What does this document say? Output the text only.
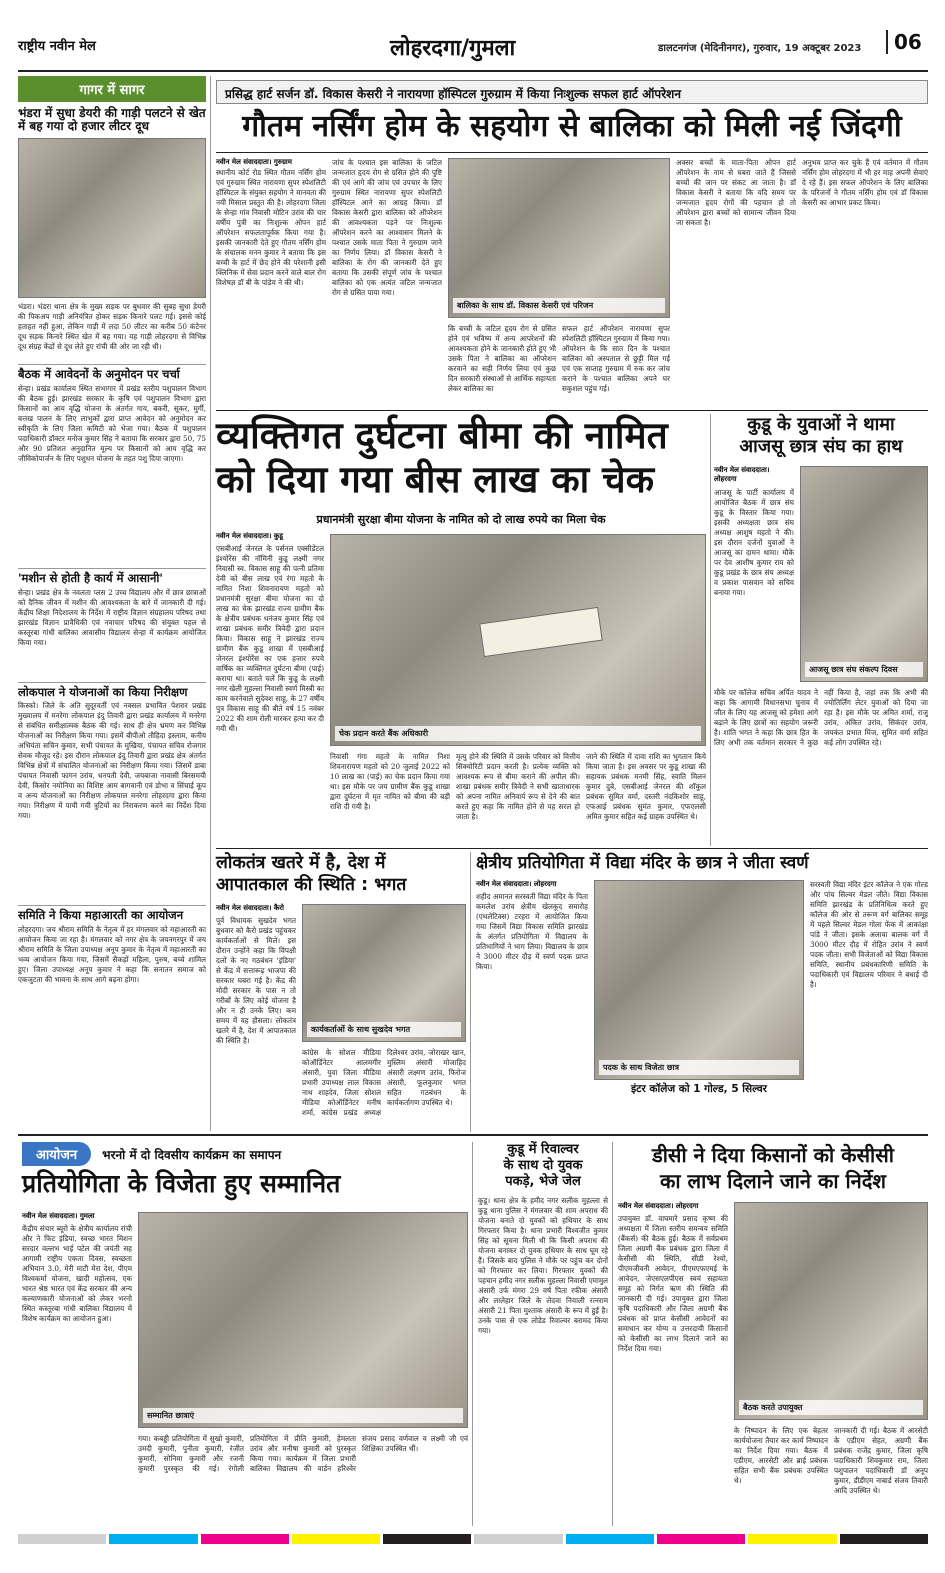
राष्ट्रीय नवीन मेल	लोहरदगा/गुमला	डालटनगंज (मेदिनीनगर), गुरुवार, 19 अक्टूबर 2023	06
गागर में सागर
भंडरा में सुधा डेयरी की गाड़ी पलटने से खेत में बह गया दो हजार लीटर दूध
भंडरा। भंडरा थाना क्षेत्र के मुख्य सड़क पर बुधवार की सुबह सुधा डेयरी की पिकअप गाड़ी अनियंत्रित होकर सड़क किनारे पलट गई। इससे कोई हताहत नहीं हुआ, लेकिन गाड़ी में लदा 50 लीटर का करीब 50 कंटेनर दूध सड़क किनारे स्थित खेत में बह गया। यह गाड़ी लोहरदगा से विभिन्न दूध संग्रह केंद्रों से दूध लेते हुए रांची की ओर जा रही थी।
बैठक में आवेदनों के अनुमोदन पर चर्चा
सेन्हा। प्रखंड कार्यालय स्थित सभागार में प्रखंड स्तरीय पशुपालन विभाग की बैठक हुई। झारखंड सरकार के कृषि एवं पशुपालन विभाग द्वारा किसानों का आय वृद्धि योजना के अंतर्गत गाय, बकरी, सूकर, मुर्गी, बत्तख पालन के लिए लाभुकों द्वारा प्राप्त आवेदन को अनुमोदन कर स्वीकृति के लिए जिला कमिटी को भेजा गया। बैठक में पशुपालन पदाधिकारी डॉक्टर मनोज कुमार सिंह ने बताया कि सरकार द्वारा 50, 75 और 90 प्रतिशत अनुदानित मूल्य पर किसानों को आय वृद्धि कर जीविकोपार्जन के लिए पशुधन योजना के तहत पशु दिया जाएगा।
'मशीन से होती है कार्य में आसानी'
सेन्हा। प्रखंड क्षेत्र के नवलता प्लस 2 उच्च विद्यालय और में छात्र छात्राओं को दैनिक जीवन में मशीन की आवश्यकता के बारे में जानकारी दी गई। केंद्रीय शिक्षा निदेशालय के निर्देश में राष्ट्रीय विज्ञान संग्रहालय परिषद तथा झारखंड विज्ञान प्रावैधिकी एवं नवाचार परिषद की संयुक्त पहल से कस्तूरबा गांधी बालिका आवासीय विद्यालय सेन्हा में कार्यक्रम आयोजित किया गया।
लोकपाल ने योजनाओं का किया निरीक्षण
किस्को। जिले के अति सुदूरवर्ती एवं नक्सल प्रभावित पेशरार प्रखंड मुख्यालय में मनरेगा लोकपाल इंदु तिवारी द्वारा प्रखंड कार्यालय में मनरेगा से संबंधित समीक्षात्मक बैठक की गई। साथ ही क्षेत्र भ्रमण कर विभिन्न योजनाओं का निरीक्षण किया गया। इसमें बीपीओ तौहिदा इस्लाम, कनीय अभियंता सचिन कुमार, सभी पंचायत के मुखिया, पंचायत सचिव रोजगार सेवक मौजूद रहे। इस दौरान लोकपाल इंदु तिवारी द्वारा प्रखंड क्षेत्र अंतर्गत विभिन्न क्षेत्रों में संचालित योजनाओं का निरीक्षण किया गया। जिसमें डाबा पंचायत निवासी फागन उरांव, धनपती देवी, जयबाजा नावासी बिरसमयी देवी, किसोर नमोनिया का विशिष्ट आम बागवानी एवं डोभा व सिंचाई कूप व अन्य योजनाओं का निरीक्षण लोकपाल मनरेगा लोहरदगा द्वारा किया गया। निरीक्षण में पायी गयी त्रुटियों का निराकरण करने का निर्देश दिया गया।
समिति ने किया महाआरती का आयोजन
लोहरदगा। जय श्रीराम समिति के नेतृत्व में हर मंगलवार को महाआरती का आयोजन किया जा रहा है। मंगलवार को नगर क्षेत्र के जयनगरपुर में जय श्रीराम समिति के जिला उपाध्यक्ष अनूप कुमार के नेतृत्व में महाआरती का भव्य आयोजन किया गया, जिसमें सैकड़ों महिला, पुरुष, बच्चे शामिल हुए। जिला उपाध्यक्ष अनूप कुमार ने कहा कि सनातन समाज को एकजुटता की भावना के साथ आगे बढ़ना होगा।
प्रसिद्ध हार्ट सर्जन डॉ. विकास केसरी ने नारायणा हॉस्पिटल गुरुग्राम में किया निःशुल्क सफल हार्ट ऑपरेशन
गौतम नर्सिंग होम के सहयोग से बालिका को मिली नई जिंदगी
नवीन मेल संवाददाता। गुरुग्राम
स्थानीय कोर्ट रोड स्थित गौतम नर्सिंग होम एवं गुरुग्राम स्थित नारायणा सुपर स्पेशलिटी हॉस्पिटल के संयुक्त सहयोग ने मानवता की नयी मिसाल प्रस्तुत की है। लोहरदगा जिला के सेन्हा गांव निवासी मोटिन उरांव की चार वर्षीय पुत्री का निःशुल्क ओपन हार्ट ऑपरेशन सफलतापूर्वक किया गया है। इसकी जानकारी देते हुए गौतम नर्सिंग होम के संचालक मनन कुमार ने बताया कि इस बच्ची के हार्ट में छेद होने की परेशानी इसी क्लिनिक में सेवा प्रदान करने वाले बाल रोग विशेषज्ञ डॉ बी के पांडेय ने की थी।
जांच के पश्चात इस बालिका के जटिल जन्मजात हृदय रोग से ग्रसित होने की पुष्टि की एवं आगे की जांच एवं उपचार के लिए गुरुग्राम स्थित नारायणा सुपर स्पेशलिटी हॉस्पिटल आने का आग्रह किया। डॉ विकास केसरी द्वारा बालिका को ऑपरेशन की आवश्यकता पड़ने पर निःशुल्क ऑपरेशन करने का आश्वासन मिलने के पश्चात उसके माता पिता ने गुरुग्राम जाने का निर्णय लिया। डॉ विकास केसरी ने बालिका के रोग की जानकारी देते हुए बताया कि उसकी संपूर्ण जांच के पश्चात बालिका को एक अत्यंत जटिल जन्मजात रोग से ग्रसित पाया गया।
बालिका के साथ डॉ. विकास केसरी एवं परिजन
कि बच्ची के जटिल हृदय रोग से ग्रसित होने एवं भविष्य में अन्य आपरेशनों की आवश्यकता होने के जानकारी होते हुए भी उसके पिता ने बालिका का ऑपरेशन करवाने का सही निर्णय लिया एवं कुछ दिन सरकारी संस्थाओं से आर्थिक सहायता लेकर बालिका का
सफल हार्ट ऑपरेशन नारायणा सुपर स्पेशलिटी हॉस्पिटल गुरुग्राम में किया गया। ऑपरेशन के कि सात दिन के पश्चात बालिका को अस्पताल से छुट्टी मिल गई एवं एक सप्ताह गुरुग्राम में रुक कर जांच कराने के पश्चात बालिका अपने घर सकुशल पहुंच गई।
अक्सर बच्चों के माता-पिता ओपन हार्ट ऑपरेशन के नाम से घबरा जाते हैं जिससे बच्चों की जान पर संकट आ जाता है। डॉ विकास केसरी ने बताया कि यदि समय पर जन्मजात हृदय रोगों की पहचान हो तो ऑपरेशन द्वारा बच्चों को सामान्य जीवन दिया जा सकता है।
अनुभव प्राप्त कर चुके हैं एवं वर्तमान में गौतम नर्सिंग होम लोहरदगा में भी हर माह अपनी सेवाएं दे रहे हैं। इस सफल ऑपरेशन के लिए बालिका के परिजनों ने गौतम नर्सिंग होम एवं डॉ विकास केसरी का आभार प्रकट किया।
व्यक्तिगत दुर्घटना बीमा की नामित
को दिया गया बीस लाख का चेक
प्रधानमंत्री सुरक्षा बीमा योजना के नामित को दो लाख रुपये का मिला चेक
नवीन मेल संवाददाता। कुडू
एसबीआई जेनरल के पर्सनल एक्सीडेंटल इंश्योरेंस की नॉमिनी कुडू लक्ष्मी नगर निवासी स्व. विकास साहू की पत्नी प्रतिमा देवी को बीस लाख एवं रंगा महतो के नामित निशा शिवनारायण महतो को प्रधानमंत्री सुरक्षा बीमा योजना का दो लाख का चेक झारखंड राज्य ग्रामीण बैंक के क्षेत्रीय प्रबंधक धनंजय कुमार सिंह एवं शाखा प्रबंधक समीर त्रिवेदी द्वारा प्रदान किया। विकास साहू ने झारखंड राज्य ग्रामीण बैंक कुडू शाखा में एसबीआई जेनरल इंश्योरेंस का एक हजार रुपये वार्षिक का व्यक्तिगत दुर्घटना बीमा (पाई) कराया था। बताते चलें कि कुडू के लक्ष्मी नगर खेली मुहल्ला निवासी स्वर्ण मिस्त्री का काम करनेवाले सुदेवश साहू, के 27 वर्षीय पुत्र विकास साहू की बीते वर्ष 15 नवंबर 2022 की शाम रोली मारकर हत्या कर दी गयी थी।
चेक प्रदान करते बैंक अधिकारी
निवासी गंगा महतो के नामित निशा शिवनारायण महतो को 20 जुलाई 2022 को 10 लाख का (पाई) का चेक प्रदान किया गया था। इस मौके पर जय ग्रामीण बैंक कुडू शाखा द्वारा दुर्घटना में मृत नामित को बीमा की बड़ी राशि दी गयी है।
मृत्यु होने की स्थिति में उसके परिवार को वित्तीय सिक्योरिटी प्रदान करती है। प्रत्येक व्यक्ति को आवश्यक रूप से बीमा कराने की अपील की। शाखा प्रबंधक समीर त्रिवेदी ने सभी खाताधारक को अपना नामित अनिवार्य रूप से देने की बात करते हुए कहा कि नामित होने से यह सरल हो जाता है।
जाने की स्थिति में दावा राशि का भुगतान किये किया जाता है। इस अवसर पर कुडू शाखा की सहायक प्रबंधक मनमी सिंह, स्वाति मिलन कुमार दुबे, एसबीआई जेनरल की शॉकुल प्रबंधक सुमित वर्मा, दस्तरी नंदकिशोर साहू, एफआई प्रबंधक सुमंत कुमार, एफएलसी अमित कुमार सहित कई ग्राहक उपस्थित थे।
कुडू के युवाओं ने थामा
आजसू छात्र संघ का हाथ
नवीन मेल संवाददाता। लोहरदगा
आजसू के पार्टी कार्यालय में आयोजित बैठक में छात्र संघ कुडू के विस्तार किया गया। इसकी अध्यक्षता छात्र संघ अध्यक्ष आशुष महतो ने की। इस दौरान दर्जनों युवाओं ने आजसू का दामन थामा। मौके पर देव आशीष कुमार राय को कुडू प्रखंड के छात्र संघ अध्यक्ष व प्रकाश पासवान को सचिव बनाया गया।
आजसू छात्र संघ संकल्प दिवस
मौके पर कॉलेज सचिव अर्पित यादव ने कहा कि आगामी विधानसभा चुनाव में जीत के लिए यह आजसू को हमेशा आगे बढ़ाने के लिए छात्रों का सहयोग जरूरी है। शांति भगत ने कहा कि छात्र हित के लिए अभी तक वर्तमान सरकार ने कुछ नहीं किया है, जहां तक कि अभी की ज्योतिर्लिंग लेटर युवाओं को दिया जा रहा है। इस मौके पर अमित शर्मा, राजु उरांव, अंकित उरांव, सिकंदर उरांव, जयकंत प्रभात मिंज, सुमित वर्मा सहित कई लोग उपस्थित रहे।
लोकतंत्र खतरे में है, देश में
आपातकाल की स्थिति : भगत
नवीन मेल संवाददाता। कैरो
पूर्व विधायक सुखदेव भगत बुधवार को कैरो प्रखंड पहुंचकर कार्यकर्ताओं से मिले। इस दौरान उन्होंने कहा कि विपक्षी दलों के नए गठबंधन 'इंडिया' से केंद्र में सत्तारूढ़ भाजपा की सरकार घबरा गई है। केंद्र की मोदी सरकार के पास न तो गरीबों के लिए कोई योजना है और न ही उनके लिए। कम समय में वह हौसला। लोकतंत्र खतरे में है, देश में आपातकाल की स्थिति है।
कार्यकर्ताओं के साथ सुखदेव भगत
कांग्रेस के सोशल मीडिया कोऑर्डिनेटर आलमगीर अंसारी, युवा जिला मीडिया प्रभारी उपाध्यक्ष लाल विकास नाथ शाहदेव, जिला सोशल मीडिया कोऑर्डिनेटर मनीष शर्मा, कांग्रेस प्रखंड अध्यक्ष दिलेश्वर उरांव, जोराखर खान, मुस्लिम अंसारी मोजाहिद अंसारी लक्ष्मण उरांव, फिरोज अंसारी, फूलकुमार भगत सहित गठबंधन के कार्यकर्तागण उपस्थित थे।
क्षेत्रीय प्रतियोगिता में विद्या मंदिर के छात्र ने जीता स्वर्ण
नवीन मेल संवाददाता। लोहरदगा
शहीद अमानत सरस्वती विद्या मंदिर के पिता कमलेश उरांव क्षेत्रीय खेलकूद समारोह (एथलेटिक्स) टरहरा में आयोजित किया गया जिसमें विद्या विकास समिति झारखंड के अंतर्गत प्रतियोगिता में विद्यालय के प्रतिभागियों ने भाग लिया। विद्यालय के छात्र ने 3000 मीटर दौड़ में स्वर्ण पदक प्राप्त किया।
पदक के साथ विजेता छात्र
इंटर कॉलेज को 1 गोल्ड, 5 सिल्वर
सरस्वती विद्या मंदिर इंटर कॉलेज ने एक गोल्ड और पांच सिल्वर मेडल जीते। विद्या विकास समिति झारखंड के प्रतिनिधित्व करते हुए कॉलेज की ओर से तरूण वर्ग बालिका समूह में पहले सिल्वर मेडल गोला फेंक में आकांक्षा पांडे ने जीता। इसके अलावा बालक वर्ग में 3000 मीटर दौड़ में रोहित उरांव ने स्वर्ण पदक जीता। सभी विजेताओं को विद्या विकास समिति, स्थानीय प्रबंधकारिणी समिति के पदाधिकारी एवं विद्यालय परिवार ने बधाई दी है।
आयोजन भरनो में दो दिवसीय कार्यक्रम का समापन
प्रतियोगिता के विजेता हुए सम्मानित
नवीन मेल संवाददाता। गुमला
केंद्रीय संचार ब्यूरो के क्षेत्रीय कार्यालय रांची और ने फिट इंडिया, स्वच्छ भारत मिशन सरदार वल्लभ भाई पटेल की जयंती सह आगामी राष्ट्रीय एकता दिवस, स्वच्छता अभियान 3.0, मेरी माटी मेरा देश, पीएम विश्वकर्मा योजना, खादी महोत्सव, एक भारत श्रेष्ठ भारत एवं केंद्र सरकार की अन्य कल्याणकारी योजनाओं को लेकर भरनो स्थित कस्तूरबा गांधी बालिका विद्यालय में विशेष कार्यक्रम का आयोजन हुआ।
सम्मानित छात्राएं
गया। कबड्डी प्रतियोगिता में सुखो कुमारी, उमदी कुमारी, पुनीता कुमारी, रंजीत कुमारी, सोनिमा कुमारी और रजनी कुमारी पुरस्कृत की गई। रंगोली प्रतियोगिता में प्रीति कुमारी, हेमलता उरांव और मनीषा कुमारी को पुरस्कृत किया गया। कार्यक्रम में जिला प्रभारी बालिका विद्यालय की वार्डन हरिश्वेर संजय प्रसाद वर्णवाल व लक्ष्मी जी एवं शिक्षिका उपस्थित थीं।
कुडू में रिवाल्वर
के साथ दो युवक
पकड़े, भेजे जेल
कुडू। थाना क्षेत्र के हमीद नगर सलीक मुहल्ला से कुडू थाना पुलिस ने मंगलवार की शाम अपराध की योजना बनाते दो युवकों को हथियार के साथ गिरफ्तार किया है। थाना प्रभारी विश्वजीत कुमार सिंह को सूचना मिली थी कि किसी अपराध की योजना बनाकर दो युवक हथियार के साथ घूम रहे हैं। जिसके बाद पुलिस ने मौके पर पहुंच कर दोनों को गिरफ्तार कर लिया। गिरफ्तार युवकों की पहचान हमीद नगर सलीक मुहल्ला निवासी एमामुल अंसारी उर्फ मंगरा 29 वर्ष पिता रफीक अंसारी और लालेहार जिले के लेदवा नियाली रत्नराम अंसारी 21 पिता मुश्ताक अंसारी के रूप में हुई है। उनके पास से एक लोडेड रिवाल्वर बरामद किया गया।
डीसी ने दिया किसानों को केसीसी
का लाभ दिलाने जाने का निर्देश
नवीन मेल संवाददाता। लोहरदगा
उपायुक्त डॉ. वाघमारे प्रसाद कृष्ण की अध्यक्षता में जिला स्तरीय समन्वय समिति (बैंकर्स) की बैठक हुई। बैठक में सर्वप्रथम जिला अग्रणी बैंक प्रबंधक द्वारा जिला में केसीसी की स्थिति, सीडी रेश्यो, पीएमजीवनी आवेदन, पीएमएफएमई के आवेदन, जेएसएलपीएस स्वयं सहायता समूह को निर्गत ऋण की स्थिति की जानकारी दी गई। उपायुक्त द्वारा जिला कृषि पदाधिकारी और जिला अग्रणी बैंक प्रबंधक को प्राप्त केसीसी आवेदनों का समाधान कर योग्य व उत्तरदायी किसानों को केसीसी का लाभ दिलाने जाने का निर्देश दिया गया।
बैठक करते उपायुक्त
के निष्पादन के लिए एक बेहतर कार्ययोजना तैयार कर कार्य निष्पादन का निर्देश दिया गया। बैठक में एडीएम, आरसेटी और ब्राई प्रबंधक सहित सभी बैंक प्रबंधक उपस्थित थे।
जानकारी दी गई। बैठक में आरसेटी के एडीएम सेहत, अग्रणी बैंक प्रबंधक राजेंद्र कुमार, जिला कृषि पदाधिकारी शिवकुमार राम, जिला पशुपालन पदाधिकारी डॉ अनूप कुमार, डीडीएम नाबार्ड संजय तिवारी आदि उपस्थित थे।
